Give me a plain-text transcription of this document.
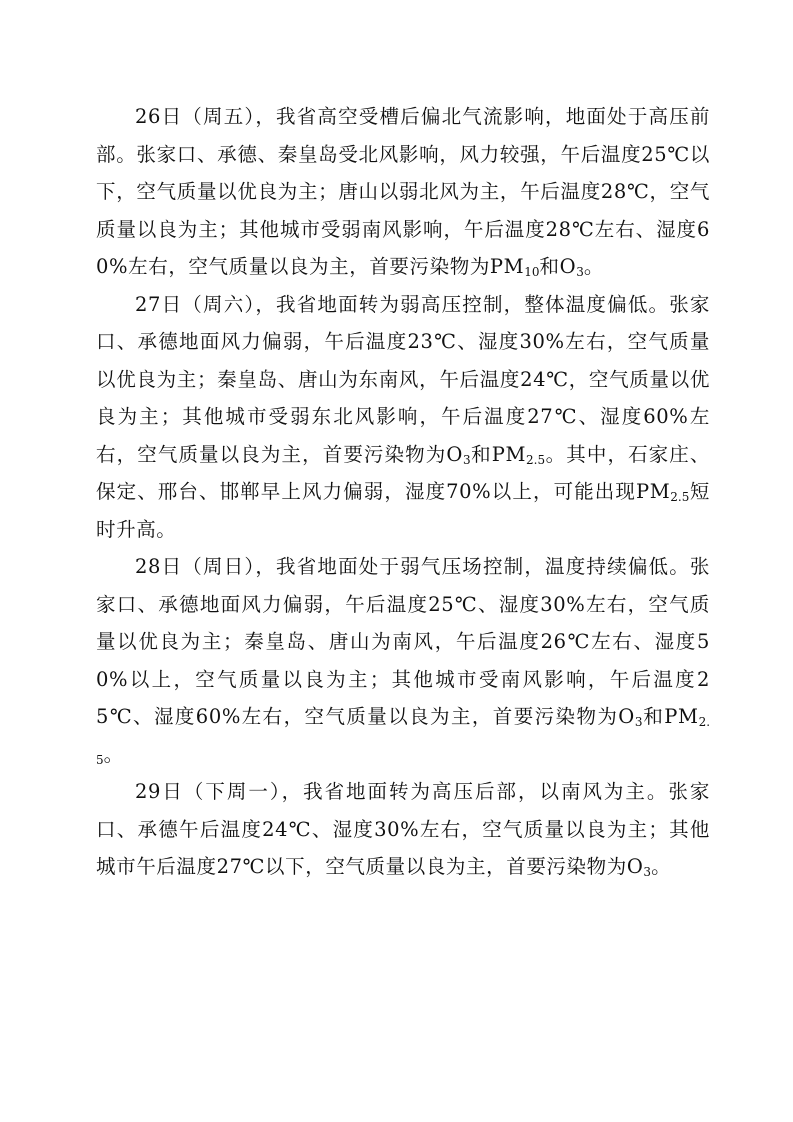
26日（周五），我省高空受槽后偏北气流影响，地面处于高压前部。张家口、承德、秦皇岛受北风影响，风力较强，午后温度25℃以下，空气质量以优良为主；唐山以弱北风为主，午后温度28℃，空气质量以良为主；其他城市受弱南风影响，午后温度28℃左右、湿度60%左右，空气质量以良为主，首要污染物为$PM_{10}$和$O_3$。

27日（周六），我省地面转为弱高压控制，整体温度偏低。张家口、承德地面风力偏弱，午后温度23℃、湿度30%左右，空气质量以优良为主；秦皇岛、唐山为东南风，午后温度24℃，空气质量以优良为主；其他城市受弱东北风影响，午后温度27℃、湿度60%左右，空气质量以良为主，首要污染物为$O_3$和$PM_{2.5}$。其中，石家庄、保定、邢台、邯郸早上风力偏弱，湿度70%以上，可能出现$PM_{2.5}$短时升高。

28日（周日），我省地面处于弱气压场控制，温度持续偏低。张家口、承德地面风力偏弱，午后温度25℃、湿度30%左右，空气质量以优良为主；秦皇岛、唐山为南风，午后温度26℃左右、湿度50%以上，空气质量以良为主；其他城市受南风影响，午后温度25℃、湿度60%左右，空气质量以良为主，首要污染物为$O_3$和$PM_{2.5}$。

29日（下周一），我省地面转为高压后部，以南风为主。张家口、承德午后温度24℃、湿度30%左右，空气质量以良为主；其他城市午后温度27℃以下，空气质量以良为主，首要污染物为$O_3$。
